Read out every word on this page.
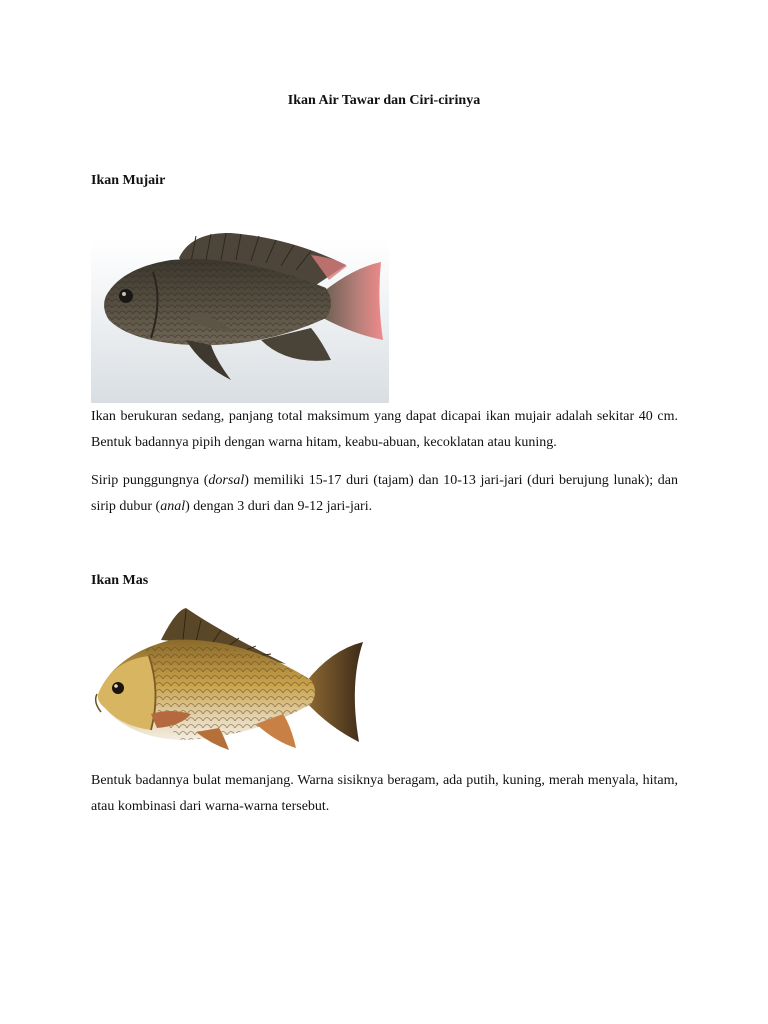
Ikan Air Tawar dan Ciri-cirinya
Ikan Mujair

Ikan berukuran sedang, panjang total maksimum yang dapat dicapai ikan mujair adalah sekitar 40 cm. Bentuk badannya pipih dengan warna hitam, keabu-abuan, kecoklatan atau kuning.

Sirip punggungnya (dorsal) memiliki 15-17 duri (tajam) dan 10-13 jari-jari (duri berujung lunak); dan sirip dubur (anal) dengan 3 duri dan 9-12 jari-jari.

Ikan Mas

Bentuk badannya bulat memanjang. Warna sisiknya beragam, ada putih, kuning, merah menyala, hitam, atau kombinasi dari warna-warna tersebut.
